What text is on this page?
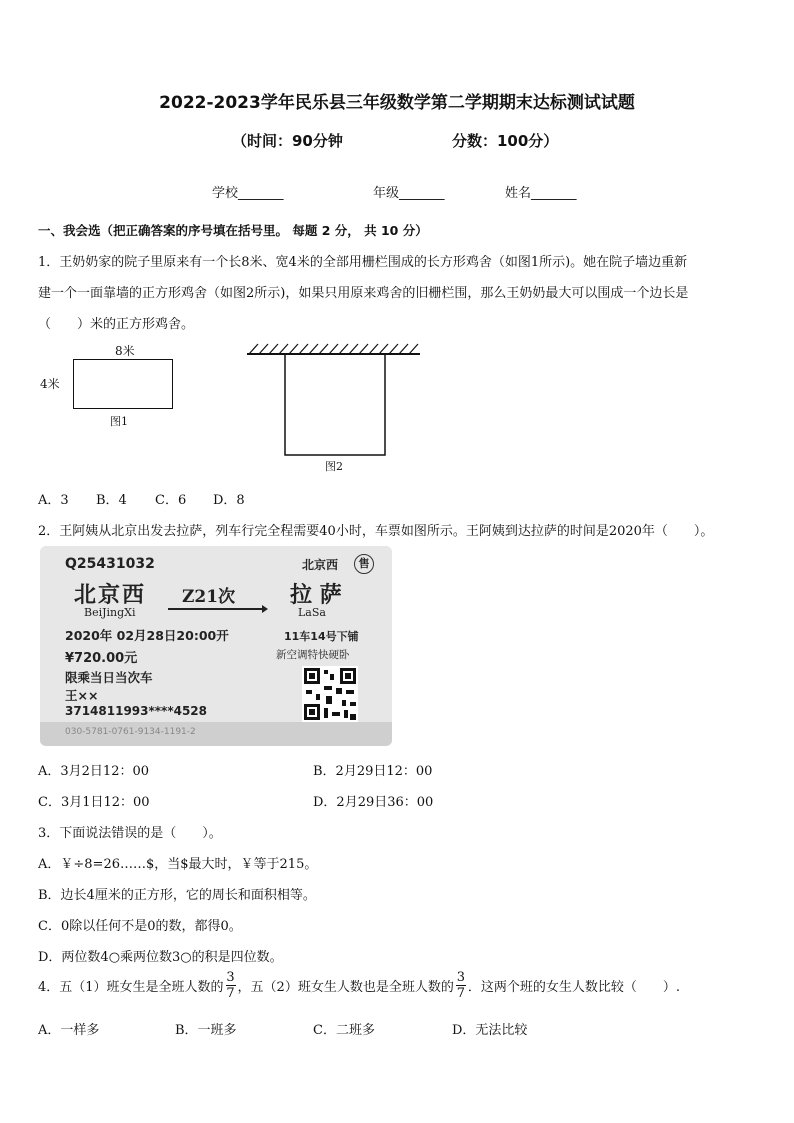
2022-2023学年民乐县三年级数学第二学期期末达标测试试题
（时间：90分钟	分数：100分）
学校_______	年级_______	姓名_______
一、我会选（把正确答案的序号填在括号里。 每题 2 分， 共 10 分）
1．王奶奶家的院子里原来有一个长8米、宽4米的全部用栅栏围成的长方形鸡舍（如图1所示)。她在院子墙边重新
建一个一面靠墙的正方形鸡舍（如图2所示)，如果只用原来鸡舍的旧栅栏围，那么王奶奶最大可以围成一个边长是
（　　）米的正方形鸡舍。
8米
4米
图1
图2
A．3 B．4 C．6 D．8
2．王阿姨从北京出发去拉萨，列车行完全程需要40小时，车票如图所示。王阿姨到达拉萨的时间是2020年（　　）。
Q25431032	北京西	售
北京西
BeiJingXi
Z21次 拉 萨
LaSa
2020年 02月28日20:00开	11车14号下铺
¥720.00元	新空调特快硬卧
限乘当日当次车
王××
3714811993****4528
030-5781-0761-9134-1191-2
A．3月2日12：00	B．2月29日12：00
C．3月1日12：00	D．2月29日36：00
3．下面说法错误的是（　　）。
A．￥÷8=26……$，当$最大时，￥等于215。
B．边长4厘米的正方形，它的周长和面积相等。
C．0除以任何不是0的数，都得0。
D．两位数4○乘两位数3○的积是四位数。
4．五（1）班女生是全班人数的 $\frac{3}{7}$ ，五（2）班女生人数也是全班人数的 $\frac{3}{7}$ ．这两个班的女生人数比较（　　）.
A．一样多	B．一班多	C．二班多	D．无法比较
